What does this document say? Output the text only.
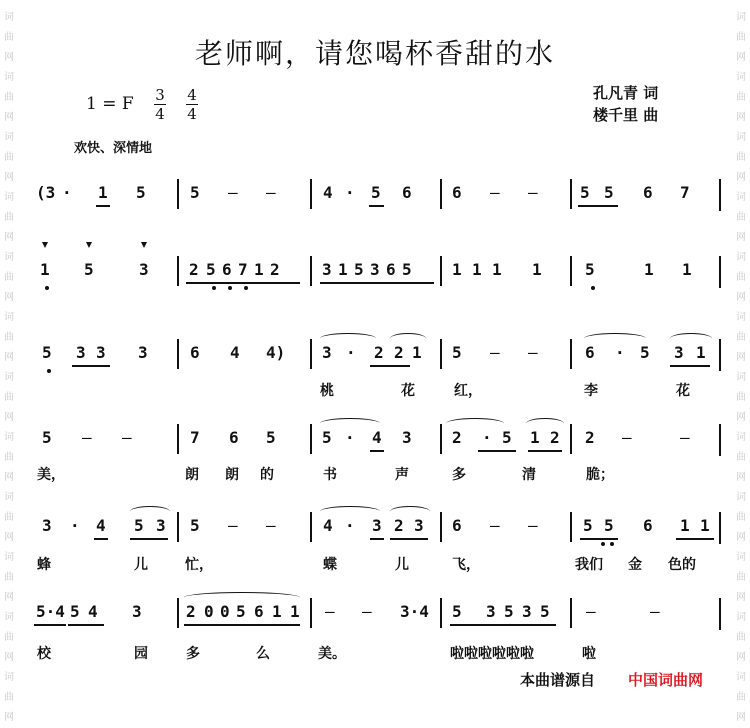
词
曲
网
词
曲
网
词
曲
网
词
曲
网
词
曲
网
词
曲
网
词
曲
网
词
曲
网
词
曲
网
词
曲
网
词
曲
网
词
曲
网
词
曲
网
词
曲
网
词
曲
网
词
曲
网
词
曲
网
词
曲
网
词
曲
网
词
曲
网
词
曲
网
词
曲
网
词
曲
网
词
曲
网
老师啊，请您喝杯香甜的水
1 = F 3
4
4
4
孔凡青 词
楼千里 曲
欢快、深情地
(3 · 1 5	5 — —	4 · 5 6	6 — —	5 5 6 7
1 5	3	2 5 6 7 1 2	3 1 5 3 6 5	1 1 1 1	5	1 1
5 3 3 3	6 4 4) 3 · 2 2 1 5 — —	6 · 5 3 1
桃	花	红，	李	花
5 — —	7 6 5	5 · 4 3	2 · 5 1 2 2 —	—
美，	朗 朗 的	书	声	多	清	脆；
3 · 4 5 3 5 — —	4 · 3 2 3 6 — —	5 5 6 1 1
蜂	儿	忙，	蝶	儿	飞，	我们 金 色的
5·4 5 4 3	2 0 0 5 6 1 1 — — 3·4 5 3 5 3 5 —	—
校	园	多	么	美。	啦啦啦啦啦啦	啦
本曲谱源自 中国词曲网
